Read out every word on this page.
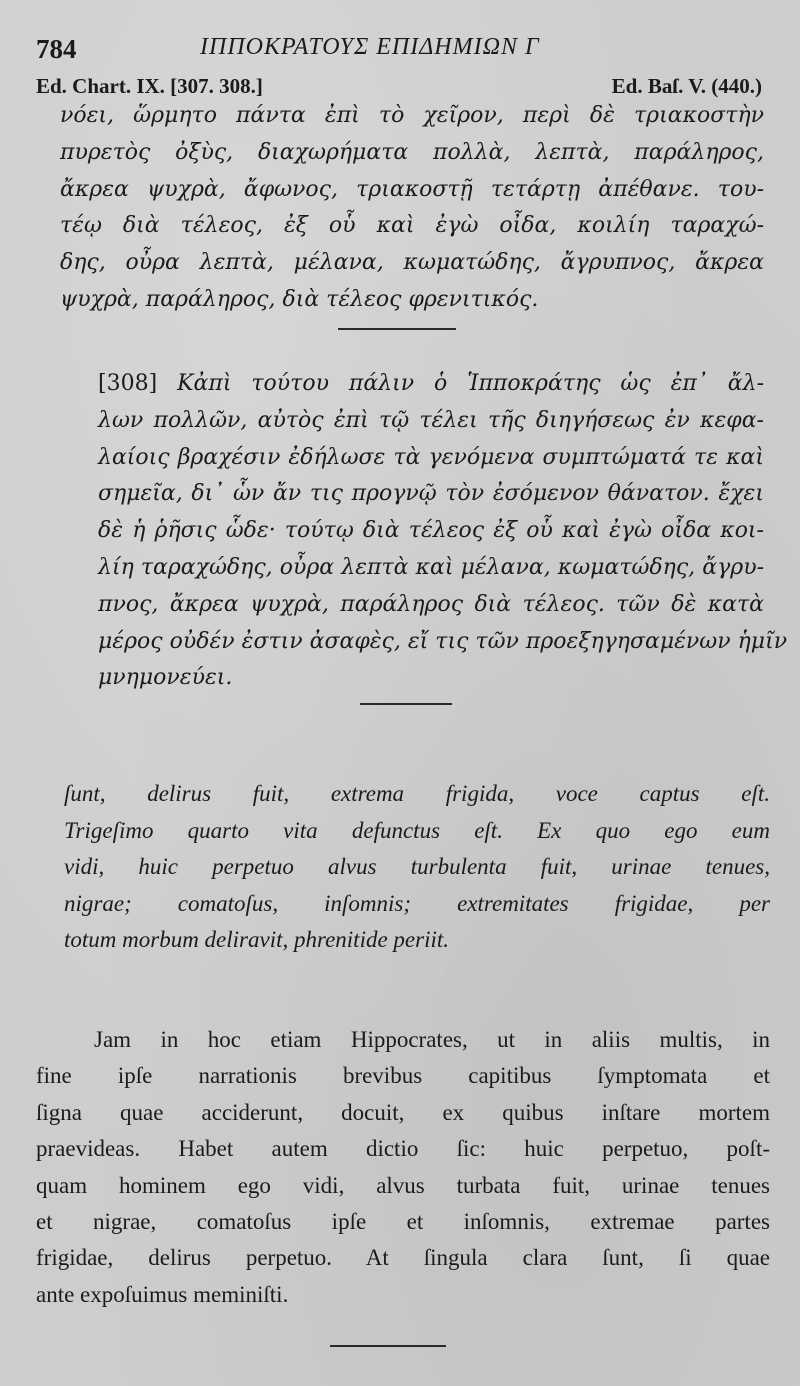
784	ΙΠΠΟΚΡΑΤΟΥΣ ΕΠΙΔΗΜΙΩΝ Γ
Ed. Chart. IX. [307. 308.]	Ed. Baſ. V. (440.)

νόει, ὥρμητο πάντα ἐπὶ τὸ χεῖρον, περὶ δὲ τριακοστὴν
πυρετὸς ὀξὺς, διαχωρήματα πολλὰ, λεπτὰ, παράληρος,
ἄκρεα ψυχρὰ, ἄφωνος, τριακοστῇ τετάρτῃ ἀπέθανε. του-
τέῳ διὰ τέλεος, ἐξ οὗ καὶ ἐγὼ οἶδα, κοιλίη ταραχώ-
δης, οὖρα λεπτὰ, μέλανα, κωματώδης, ἄγρυπνος, ἄκρεα
ψυχρὰ, παράληρος, διὰ τέλεος φρενιτικός.

[308] Κἀπὶ τούτου πάλιν ὁ Ἱπποκράτης ὡς ἐπ᾿ ἄλ-
λων πολλῶν, αὐτὸς ἐπὶ τῷ τέλει τῆς διηγήσεως ἐν κεφα-
λαίοις βραχέσιν ἐδήλωσε τὰ γενόμενα συμπτώματά τε καὶ
σημεῖα, δι᾿ ὧν ἄν τις προγνῷ τὸν ἐσόμενον θάνατον. ἔχει
δὲ ἡ ῥῆσις ὧδε· τούτῳ διὰ τέλεος ἐξ οὗ καὶ ἐγὼ οἶδα κοι-
λίη ταραχώδης, οὖρα λεπτὰ καὶ μέλανα, κωματώδης, ἄγρυ-
πνος, ἄκρεα ψυχρὰ, παράληρος διὰ τέλεος. τῶν δὲ κατὰ
μέρος οὐδέν ἐστιν ἀσαφὲς, εἴ τις τῶν προεξηγησαμένων ἡμῖν
μνημονεύει.

ſunt, delirus fuit, extrema frigida, voce captus eſt.
Trigeſimo quarto vita defunctus eſt. Ex quo ego eum
vidi, huic perpetuo alvus turbulenta fuit, urinae tenues,
nigrae; comatoſus, inſomnis; extremitates frigidae, per
totum morbum deliravit, phrenitide periit.

Jam in hoc etiam Hippocrates, ut in aliis multis, in
fine ipſe narrationis brevibus capitibus ſymptomata et
ſigna quae acciderunt, docuit, ex quibus inſtare mortem
praevideas. Habet autem dictio ſic: huic perpetuo, poſt-
quam hominem ego vidi, alvus turbata fuit, urinae tenues
et nigrae, comatoſus ipſe et inſomnis, extremae partes
frigidae, delirus perpetuo. At ſingula clara ſunt, ſi quae
ante expoſuimus meminiſti.
